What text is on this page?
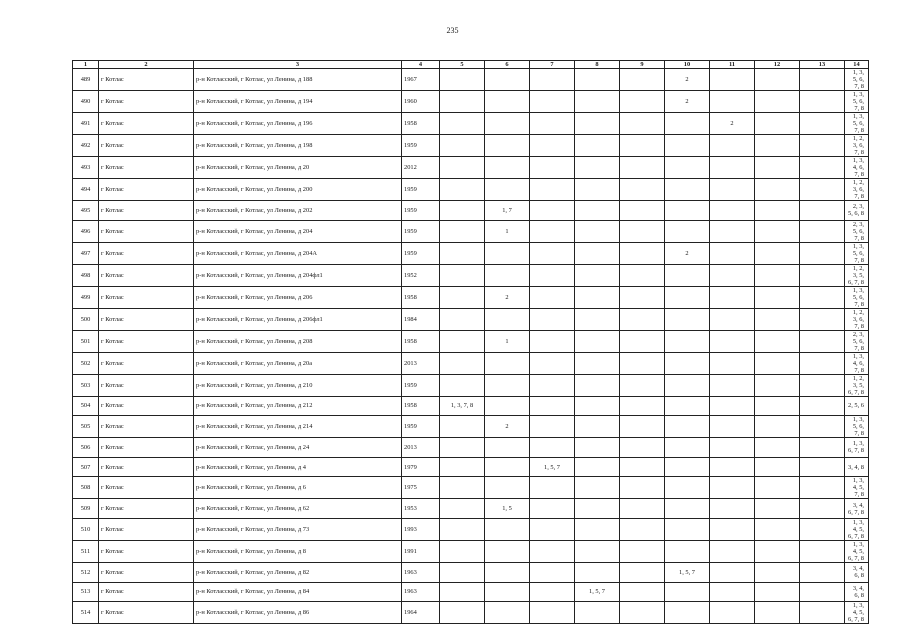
235
1	2	3	4	5	6	7	8	9	10	11	12	13	14
489	г Котлас	р-н Котласский, г Котлас, ул Ленина, д 188	1967						2				1, 3, 5, 6, 7, 8
490	г Котлас	р-н Котласский, г Котлас, ул Ленина, д 194	1960						2				1, 3, 5, 6, 7, 8
491	г Котлас	р-н Котласский, г Котлас, ул Ленина, д 196	1958							2			1, 3, 5, 6, 7, 8
492	г Котлас	р-н Котласский, г Котлас, ул Ленина, д 198	1959										1, 2, 3, 6, 7, 8
493	г Котлас	р-н Котласский, г Котлас, ул Ленина, д 20	2012										1, 3, 4, 6, 7, 8
494	г Котлас	р-н Котласский, г Котлас, ул Ленина, д 200	1959										1, 2, 3, 6, 7, 8
495	г Котлас	р-н Котласский, г Котлас, ул Ленина, д 202	1959		1, 7								2, 3, 5, 6, 8
496	г Котлас	р-н Котласский, г Котлас, ул Ленина, д 204	1959		1								2, 3, 5, 6, 7, 8
497	г Котлас	р-н Котласский, г Котлас, ул Ленина, д 204А	1959						2				1, 3, 5, 6, 7, 8
498	г Котлас	р-н Котласский, г Котлас, ул Ленина, д 204фл1	1952										1, 2, 3, 5, 6, 7, 8
499	г Котлас	р-н Котласский, г Котлас, ул Ленина, д 206	1958		2								1, 3, 5, 6, 7, 8
500	г Котлас	р-н Котласский, г Котлас, ул Ленина, д 206фл1	1984										1, 2, 3, 6, 7, 8
501	г Котлас	р-н Котласский, г Котлас, ул Ленина, д 208	1958		1								2, 3, 5, 6, 7, 8
502	г Котлас	р-н Котласский, г Котлас, ул Ленина, д 20а	2013										1, 3, 4, 6, 7, 8
503	г Котлас	р-н Котласский, г Котлас, ул Ленина, д 210	1959										1, 2, 3, 5, 6, 7, 8
504	г Котлас	р-н Котласский, г Котлас, ул Ленина, д 212	1958	1, 3, 7, 8									2, 5, 6
505	г Котлас	р-н Котласский, г Котлас, ул Ленина, д 214	1959		2								1, 3, 5, 6, 7, 8
506	г Котлас	р-н Котласский, г Котлас, ул Ленина, д 24	2013										1, 3, 6, 7, 8
507	г Котлас	р-н Котласский, г Котлас, ул Ленина, д 4	1979			1, 5, 7							3, 4, 8
508	г Котлас	р-н Котласский, г Котлас, ул Ленина, д 6	1975										1, 3, 4, 5, 7, 8
509	г Котлас	р-н Котласский, г Котлас, ул Ленина, д 62	1953		1, 5								3, 4, 6, 7, 8
510	г Котлас	р-н Котласский, г Котлас, ул Ленина, д 73	1993										1, 3, 4, 5, 6, 7, 8
511	г Котлас	р-н Котласский, г Котлас, ул Ленина, д 8	1991										1, 3, 4, 5, 6, 7, 8
512	г Котлас	р-н Котласский, г Котлас, ул Ленина, д 82	1963						1, 5, 7				3, 4, 6, 8
513	г Котлас	р-н Котласский, г Котлас, ул Ленина, д 84	1963				1, 5, 7						3, 4, 6, 8
514	г Котлас	р-н Котласский, г Котлас, ул Ленина, д 86	1964										1, 3, 4, 5, 6, 7, 8
